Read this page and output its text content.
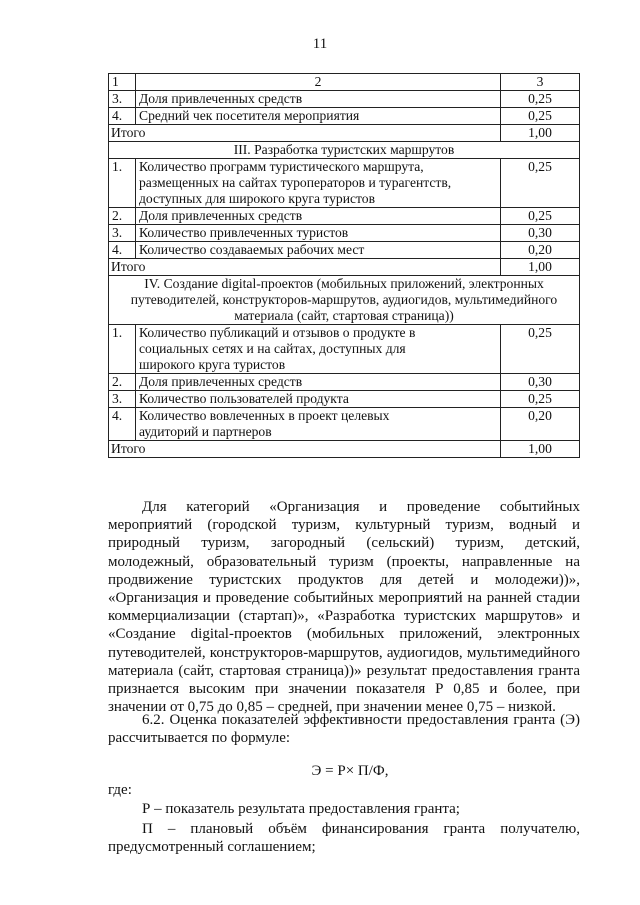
11
1	2	3
3.	Доля привлеченных средств	0,25
4.	Средний чек посетителя мероприятия	0,25
Итого		1,00

III. Разработка туристских маршрутов		

1.	Количество программ туристического маршрута,
размещенных на сайтах туроператоров и турагентств,
доступных для широкого круга туристов	0,25
2.	Доля привлеченных средств	0,25
3.	Количество привлеченных туристов	0,30
4.	Количество создаваемых рабочих мест	0,20
Итого		1,00

IV. Создание digital-проектов (мобильных приложений, электронных
путеводителей, конструкторов-маршрутов, аудиогидов, мультимедийного
материала (сайт, стартовая страница))		

1.	Количество публикаций и отзывов о продукте в
социальных сетях и на сайтах, доступных для
широкого круга туристов	0,25
2.	Доля привлеченных средств	0,30
3.	Количество пользователей продукта	0,25
4.	Количество вовлеченных в проект целевых
аудиторий и партнеров	0,20
Итого		1,00
Для категорий «Организация и проведение событийных мероприятий (городской туризм, культурный туризм, водный и природный туризм, загородный (сельский) туризм, детский, молодежный, образовательный туризм (проекты, направленные на продвижение туристских продуктов для детей и молодежи))», «Организация и проведение событийных мероприятий на ранней стадии коммерциализации (стартап)», «Разработка туристских маршрутов» и «Создание digital-проектов (мобильных приложений, электронных путеводителей, конструкторов-маршрутов, аудиогидов, мультимедийного материала (сайт, стартовая страница))» результат предоставления гранта признается высоким при значении показателя Р 0,85 и более, при значении от 0,75 до 0,85 – средней, при значении менее 0,75 – низкой.
6.2. Оценка показателей эффективности предоставления гранта (Э) рассчитывается по формуле:
Э = Р× П/Ф,
где:
Р – показатель результата предоставления гранта;
П – плановый объём финансирования гранта получателю, предусмотренный соглашением;
